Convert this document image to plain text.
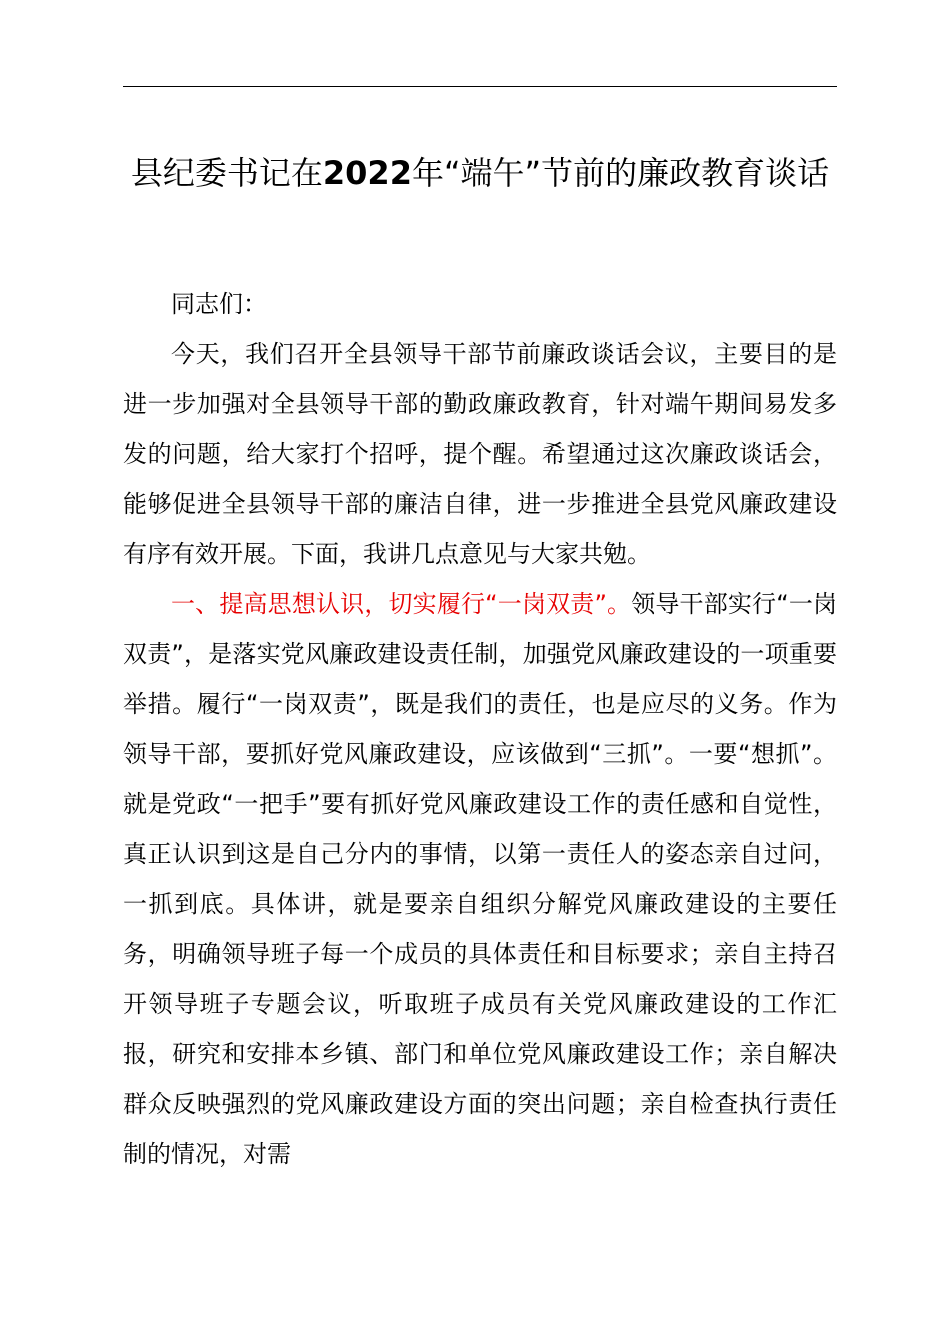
县纪委书记在2022年“端午”节前的廉政教育谈话

同志们：

今天，我们召开全县领导干部节前廉政谈话会议，主要目的是进一步加强对全县领导干部的勤政廉政教育，针对端午期间易发多发的问题，给大家打个招呼，提个醒。希望通过这次廉政谈话会，能够促进全县领导干部的廉洁自律，进一步推进全县党风廉政建设有序有效开展。下面，我讲几点意见与大家共勉。

一、提高思想认识，切实履行“一岗双责”。领导干部实行“一岗双责”，是落实党风廉政建设责任制，加强党风廉政建设的一项重要举措。履行“一岗双责”，既是我们的责任，也是应尽的义务。作为领导干部，要抓好党风廉政建设，应该做到“三抓”。一要“想抓”。就是党政“一把手”要有抓好党风廉政建设工作的责任感和自觉性，真正认识到这是自己分内的事情，以第一责任人的姿态亲自过问，一抓到底。具体讲，就是要亲自组织分解党风廉政建设的主要任务，明确领导班子每一个成员的具体责任和目标要求；亲自主持召开领导班子专题会议，听取班子成员有关党风廉政建设的工作汇报，研究和安排本乡镇、部门和单位党风廉政建设工作；亲自解决群众反映强烈的党风廉政建设方面的突出问题；亲自检查执行责任制的情况，对需
